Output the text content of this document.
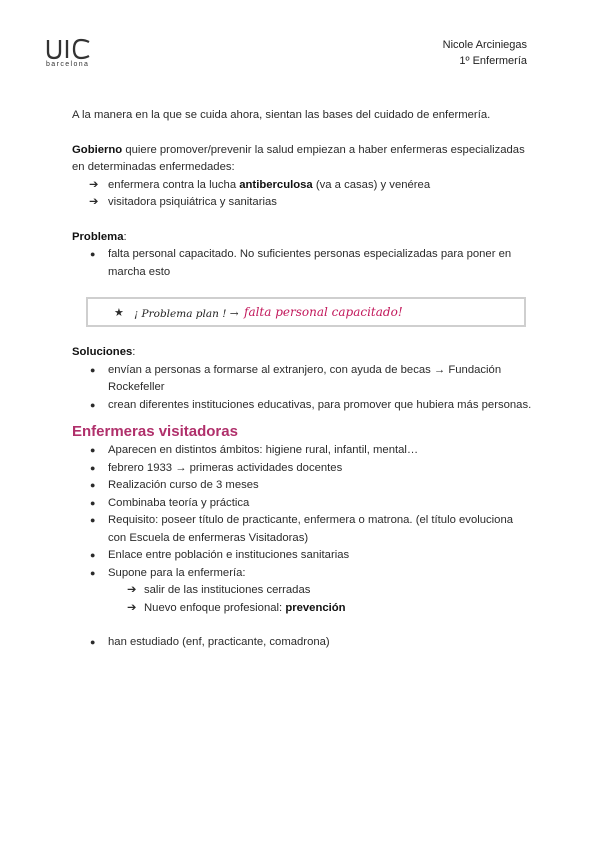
barcelona
Nicole Arciniegas
1º Enfermería

A la manera en la que se cuida ahora, sientan las bases del cuidado de enfermería.

Gobierno quiere promover/prevenir la salud empiezan a haber enfermeras especializadas en determinadas enfermedades:

➔ enfermera contra la lucha antiberculosa (va a casas) y venérea
➔ visitadora psiquiátrica y sanitarias

Problema:

● falta personal capacitado. No suficientes personas especializadas para poner en marcha esto
★ ¡ Problema plan ! → falta personal capacitado!

Soluciones:

● envían a personas a formarse al extranjero, con ayuda de becas → Fundación Rockefeller
● crean diferentes instituciones educativas, para promover que hubiera más personas.
Enfermeras visitadoras
● Aparecen en distintos ámbitos: higiene rural, infantil, mental…
● febrero 1933 → primeras actividades docentes
● Realización curso de 3 meses
● Combinaba teoría y práctica
● Requisito: poseer título de practicante, enfermera o matrona. (el título evoluciona con Escuela de enfermeras Visitadoras)
● Enlace entre población e instituciones sanitarias
● Supone para la enfermería:
➔ salir de las instituciones cerradas
➔ Nuevo enfoque profesional: prevención
● han estudiado (enf, practicante, comadrona)
